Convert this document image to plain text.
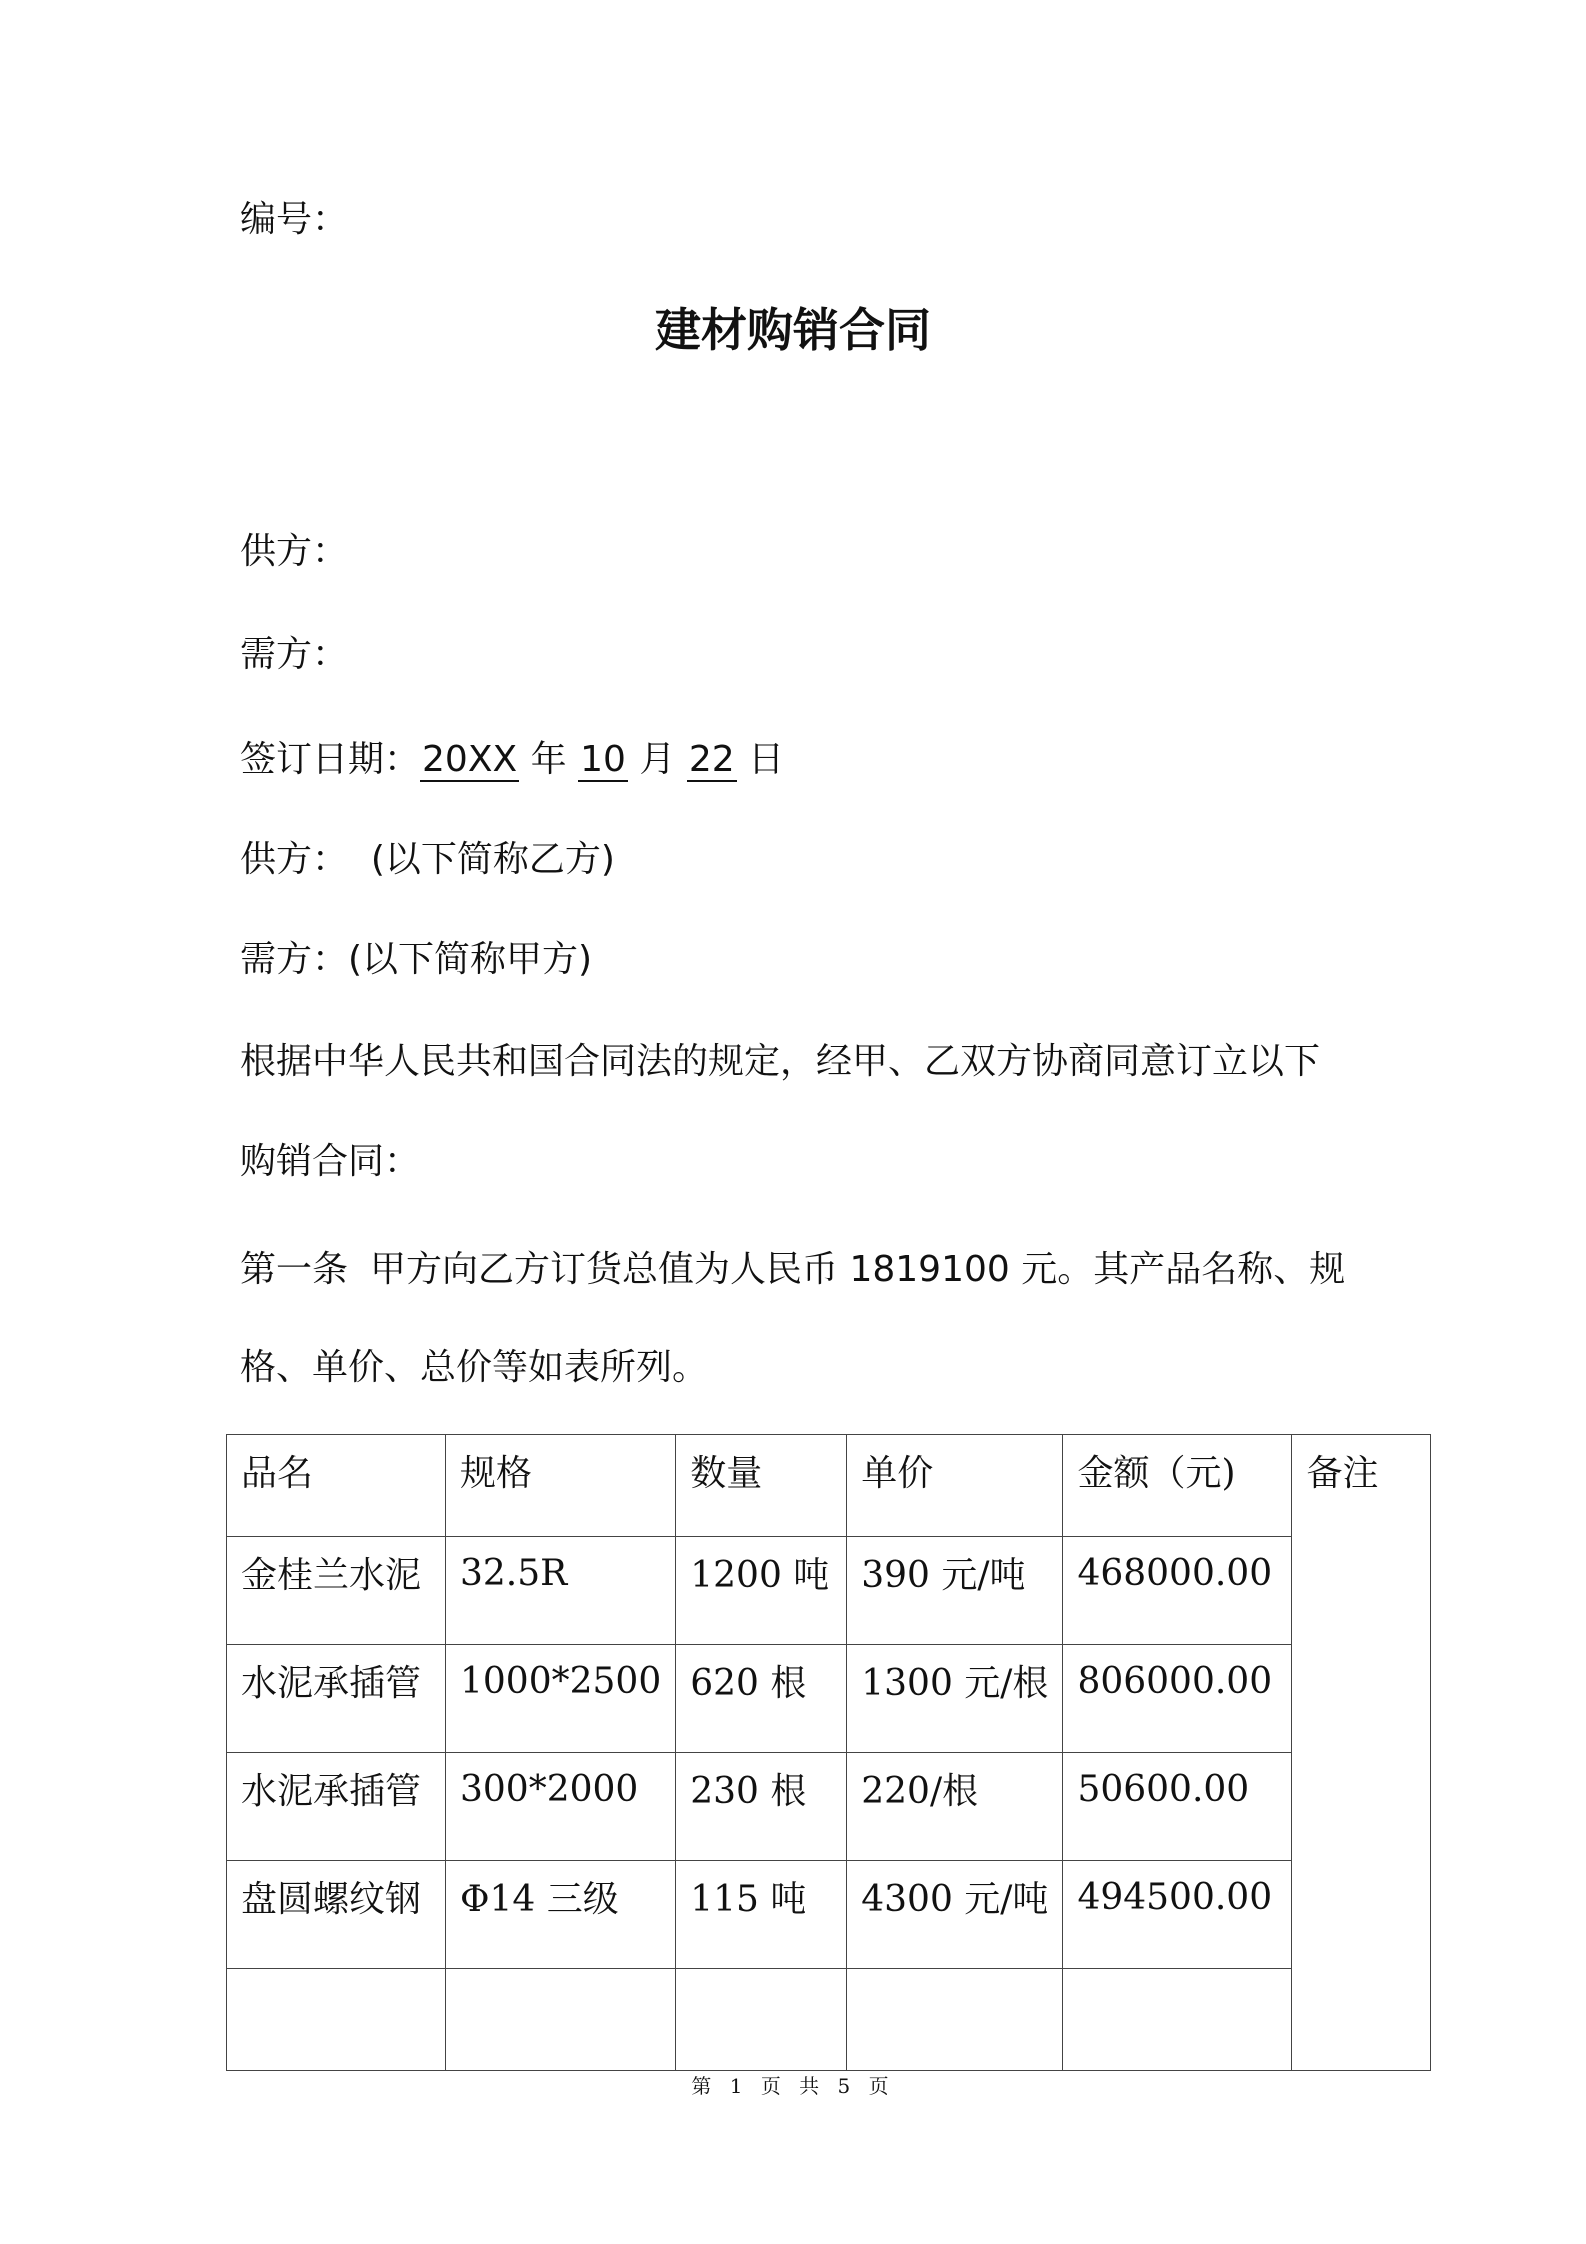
编号：
建材购销合同
供方：
需方：
签订日期：20XX 年 10 月 22 日
供方：  (以下简称乙方)
需方：(以下简称甲方)
根据中华人民共和国合同法的规定，经甲、乙双方协商同意订立以下
购销合同：
第一条 甲方向乙方订货总值为人民币 1819100 元。其产品名称、规
格、单价、总价等如表所列。
品名	规格	数量	单价	金额（元)	备注
金桂兰水泥	32.5R	1200 吨	390 元/吨	468000.00	
水泥承插管	1000*2500	620 根	1300 元/根	806000.00	
水泥承插管	300*2000	230 根	220/根	50600.00	
盘圆螺纹钢	Φ14 三级	115 吨	4300 元/吨	494500.00	

第 1 页 共 5 页
